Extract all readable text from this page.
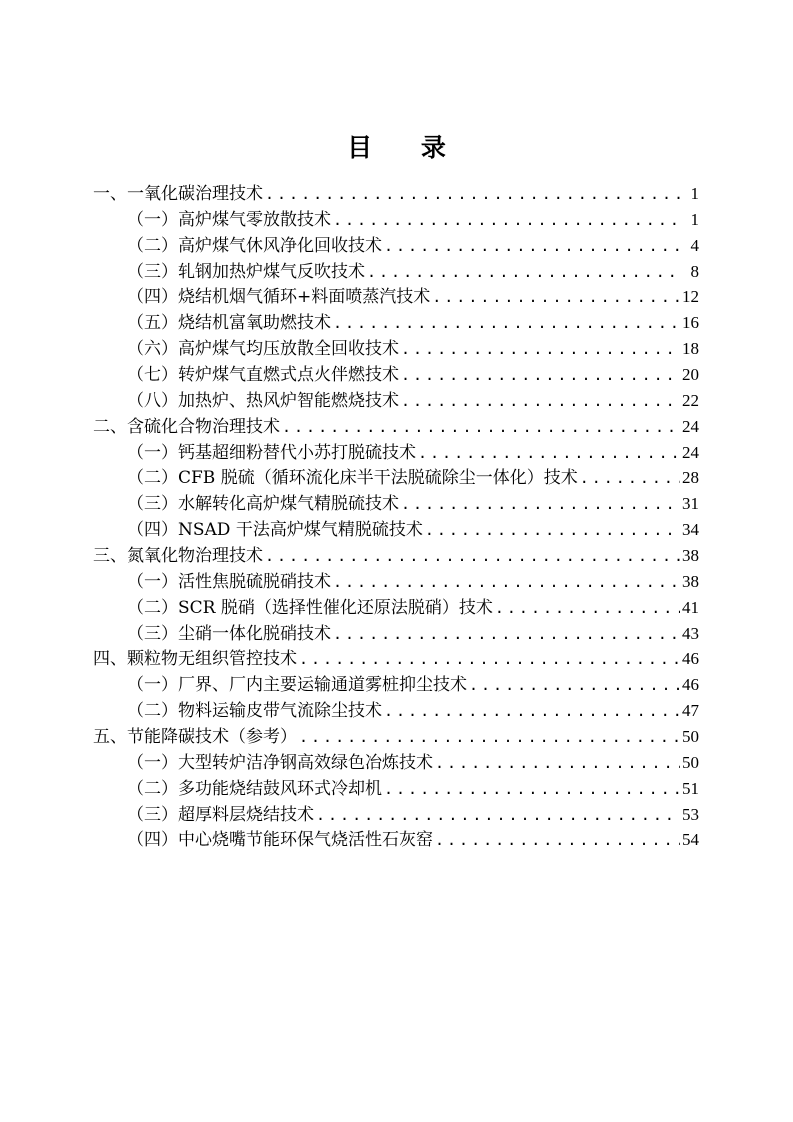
目 录
一、一氧化碳治理技术 .....	1
（一）高炉煤气零放散技术 .....	1
（二）高炉煤气休风净化回收技术 .....	4
（三）轧钢加热炉煤气反吹技术 .....	8
（四）烧结机烟气循环+料面喷蒸汽技术 .....	12
（五）烧结机富氧助燃技术 .....	16
（六）高炉煤气均压放散全回收技术 .....	18
（七）转炉煤气直燃式点火伴燃技术 .....	20
（八）加热炉、热风炉智能燃烧技术 .....	22
二、含硫化合物治理技术 .....	24
（一）钙基超细粉替代小苏打脱硫技术 .....	24
（二）CFB 脱硫（循环流化床半干法脱硫除尘一体化）技术 .....	28
（三）水解转化高炉煤气精脱硫技术 .....	31
（四）NSAD 干法高炉煤气精脱硫技术 .....	34
三、氮氧化物治理技术 .....	38
（一）活性焦脱硫脱硝技术 .....	38
（二）SCR 脱硝（选择性催化还原法脱硝）技术 .....	41
（三）尘硝一体化脱硝技术 .....	43
四、颗粒物无组织管控技术 .....	46
（一）厂界、厂内主要运输通道雾桩抑尘技术 .....	46
（二）物料运输皮带气流除尘技术 .....	47
五、节能降碳技术（参考） .....	50
（一）大型转炉洁净钢高效绿色冶炼技术 .....	50
（二）多功能烧结鼓风环式冷却机 .....	51
（三）超厚料层烧结技术 .....	53
（四）中心烧嘴节能环保气烧活性石灰窑 .....	54
